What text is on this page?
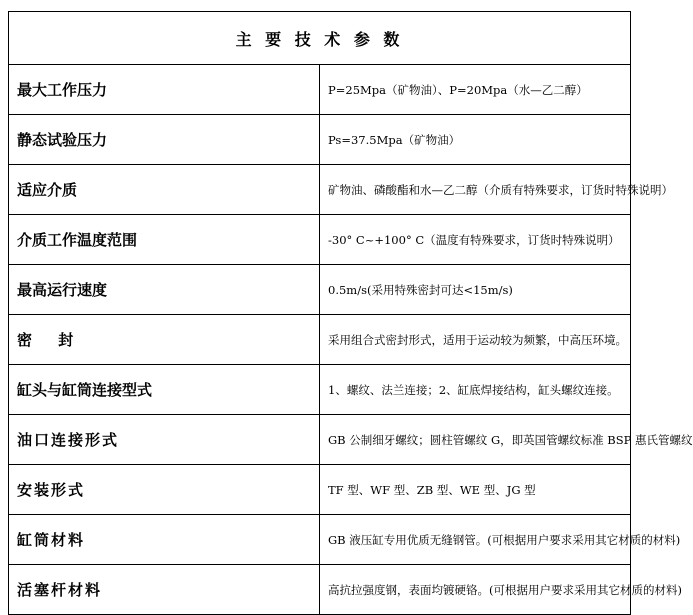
主 要 技 术 参 数	
最大工作压力	P=25Mpa（矿物油）、P=20Mpa（水—乙二醇）
静态试验压力	Ps=37.5Mpa（矿物油）
适应介质	矿物油、磷酸酯和水—乙二醇（介质有特殊要求，订货时特殊说明）
介质工作温度范围	-30° C~+100° C（温度有特殊要求，订货时特殊说明）
最高运行速度	0.5m/s(采用特殊密封可达<15m/s)
密　 封	采用组合式密封形式，适用于运动较为频繁，中高压环境。
缸头与缸筒连接型式	1、螺纹、法兰连接；2、缸底焊接结构，缸头螺纹连接。
油口连接形式	GB 公制细牙螺纹；圆柱管螺纹 G，即英国管螺纹标准 BSP 惠氏管螺纹
安装形式	TF 型、WF 型、ZB 型、WE 型、JG 型
缸筒材料	GB 液压缸专用优质无缝钢管。(可根据用户要求采用其它材质的材料)
活塞杆材料	高抗拉强度钢，表面均镀硬铬。(可根据用户要求采用其它材质的材料)
